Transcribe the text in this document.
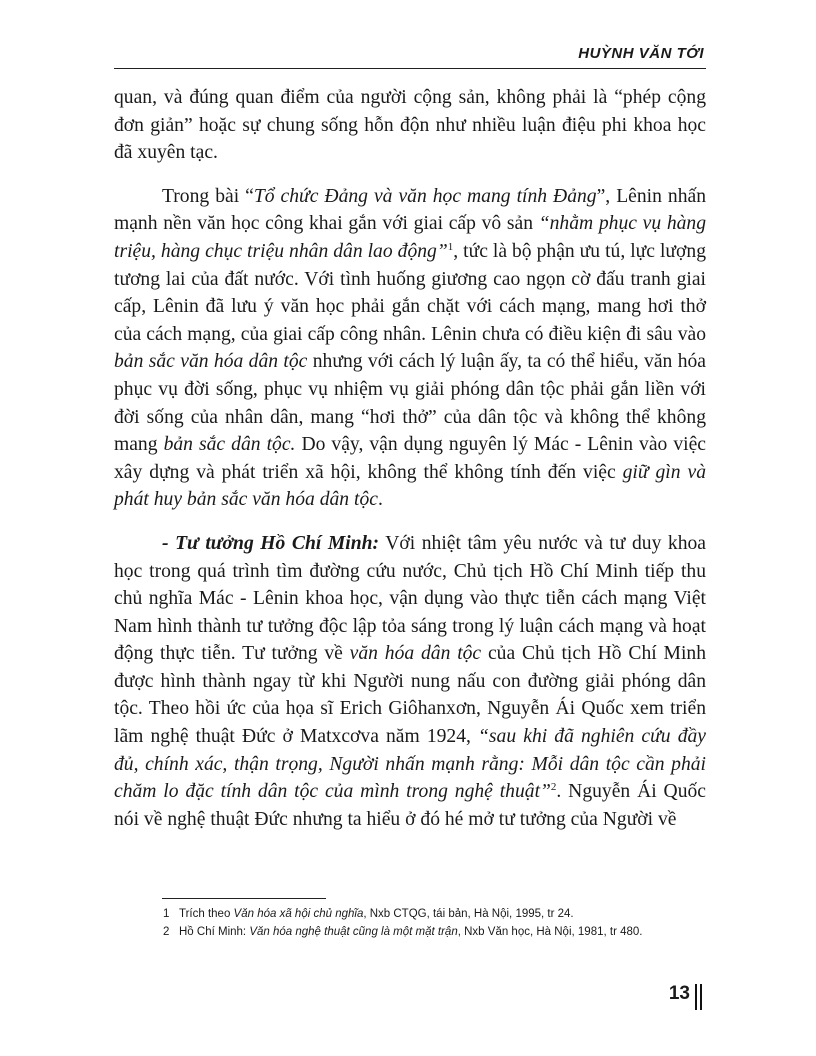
HUỲNH VĂN TỚI

quan, và đúng quan điểm của người cộng sản, không phải là “phép cộng đơn giản” hoặc sự chung sống hỗn độn như nhiều luận điệu phi khoa học đã xuyên tạc.

Trong bài “Tổ chức Đảng và văn học mang tính Đảng”, Lênin nhấn mạnh nền văn học công khai gắn với giai cấp vô sản “nhằm phục vụ hàng triệu, hàng chục triệu nhân dân lao động”$^1$, tức là bộ phận ưu tú, lực lượng tương lai của đất nước. Với tình huống giương cao ngọn cờ đấu tranh giai cấp, Lênin đã lưu ý văn học phải gắn chặt với cách mạng, mang hơi thở của cách mạng, của giai cấp công nhân. Lênin chưa có điều kiện đi sâu vào bản sắc văn hóa dân tộc nhưng với cách lý luận ấy, ta có thể hiểu, văn hóa phục vụ đời sống, phục vụ nhiệm vụ giải phóng dân tộc phải gắn liền với đời sống của nhân dân, mang “hơi thở” của dân tộc và không thể không mang bản sắc dân tộc. Do vậy, vận dụng nguyên lý Mác - Lênin vào việc xây dựng và phát triển xã hội, không thể không tính đến việc giữ gìn và phát huy bản sắc văn hóa dân tộc.

- Tư tưởng Hồ Chí Minh: Với nhiệt tâm yêu nước và tư duy khoa học trong quá trình tìm đường cứu nước, Chủ tịch Hồ Chí Minh tiếp thu chủ nghĩa Mác - Lênin khoa học, vận dụng vào thực tiễn cách mạng Việt Nam hình thành tư tưởng độc lập tỏa sáng trong lý luận cách mạng và hoạt động thực tiễn. Tư tưởng về văn hóa dân tộc của Chủ tịch Hồ Chí Minh được hình thành ngay từ khi Người nung nấu con đường giải phóng dân tộc. Theo hồi ức của họa sĩ Erich Giôhanxơn, Nguyễn Ái Quốc xem triển lãm nghệ thuật Đức ở Matxcơva năm 1924, “sau khi đã nghiên cứu đầy đủ, chính xác, thận trọng, Người nhấn mạnh rằng: Mỗi dân tộc cần phải chăm lo đặc tính dân tộc của mình trong nghệ thuật”$^2$. Nguyễn Ái Quốc nói về nghệ thuật Đức nhưng ta hiểu ở đó hé mở tư tưởng của Người về

1 Trích theo Văn hóa xã hội chủ nghĩa, Nxb CTQG, tái bản, Hà Nội, 1995, tr 24.

2 Hồ Chí Minh: Văn hóa nghệ thuật cũng là một mặt trận, Nxb Văn học, Hà Nội, 1981, tr 480.

13
